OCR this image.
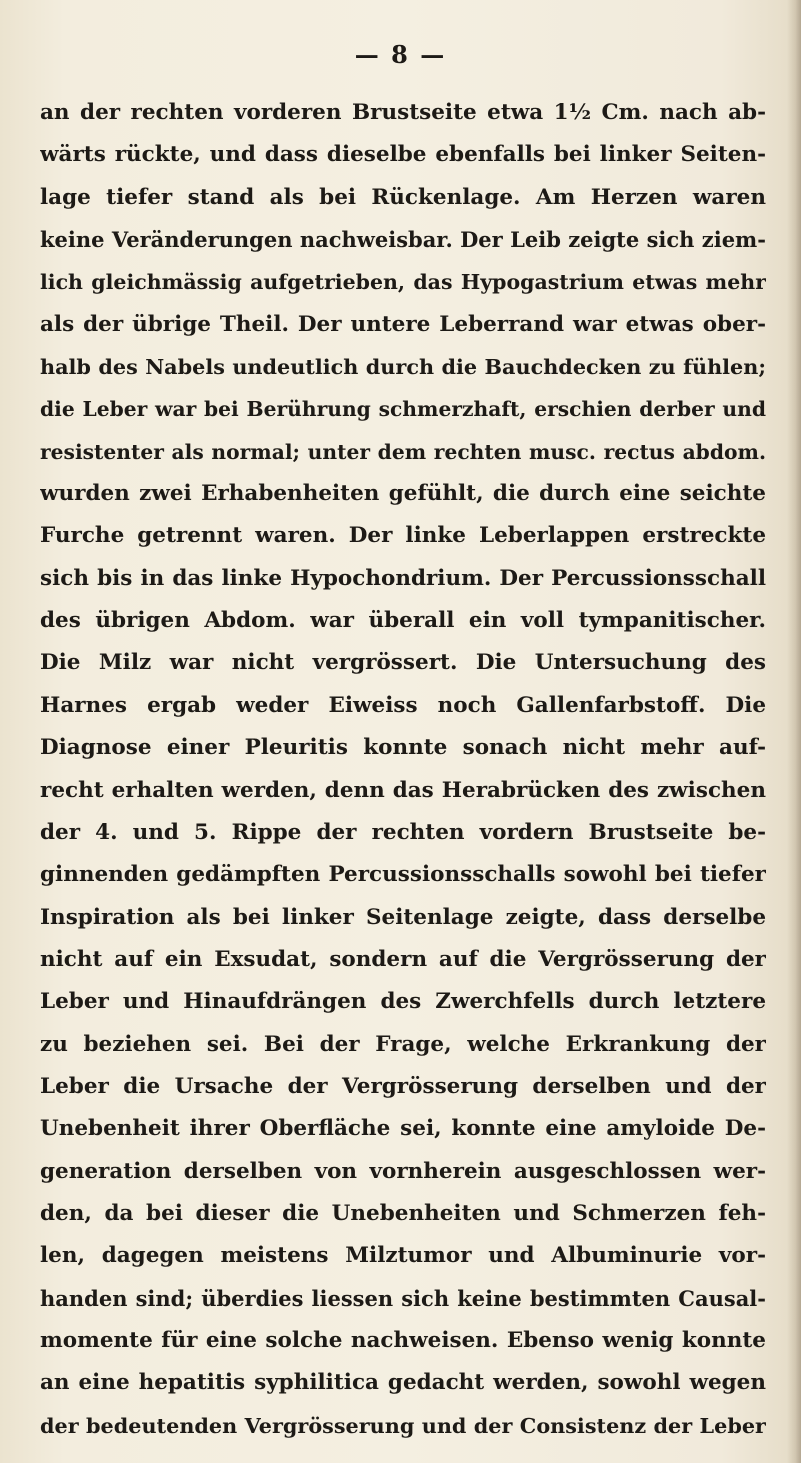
— 8 —
an der rechten vorderen Brustseite etwa 1½ Cm. nach ab-
wärts rückte, und dass dieselbe ebenfalls bei linker Seiten-
lage tiefer stand als bei Rückenlage. Am Herzen waren
keine Veränderungen nachweisbar. Der Leib zeigte sich ziem-
lich gleichmässig aufgetrieben, das Hypogastrium etwas mehr
als der übrige Theil. Der untere Leberrand war etwas ober-
halb des Nabels undeutlich durch die Bauchdecken zu fühlen;
die Leber war bei Berührung schmerzhaft, erschien derber und
resistenter als normal; unter dem rechten musc. rectus abdom.
wurden zwei Erhabenheiten gefühlt, die durch eine seichte
Furche getrennt waren. Der linke Leberlappen erstreckte
sich bis in das linke Hypochondrium. Der Percussionsschall
des übrigen Abdom. war überall ein voll tympanitischer.
Die Milz war nicht vergrössert. Die Untersuchung des
Harnes ergab weder Eiweiss noch Gallenfarbstoff. Die
Diagnose einer Pleuritis konnte sonach nicht mehr auf-
recht erhalten werden, denn das Herabrücken des zwischen
der 4. und 5. Rippe der rechten vordern Brustseite be-
ginnenden gedämpften Percussionsschalls sowohl bei tiefer
Inspiration als bei linker Seitenlage zeigte, dass derselbe
nicht auf ein Exsudat, sondern auf die Vergrösserung der
Leber und Hinaufdrängen des Zwerchfells durch letztere
zu beziehen sei. Bei der Frage, welche Erkrankung der
Leber die Ursache der Vergrösserung derselben und der
Unebenheit ihrer Oberfläche sei, konnte eine amyloide De-
generation derselben von vornherein ausgeschlossen wer-
den, da bei dieser die Unebenheiten und Schmerzen feh-
len, dagegen meistens Milztumor und Albuminurie vor-
handen sind; überdies liessen sich keine bestimmten Causal-
momente für eine solche nachweisen. Ebenso wenig konnte
an eine hepatitis syphilitica gedacht werden, sowohl wegen
der bedeutenden Vergrösserung und der Consistenz der Leber
